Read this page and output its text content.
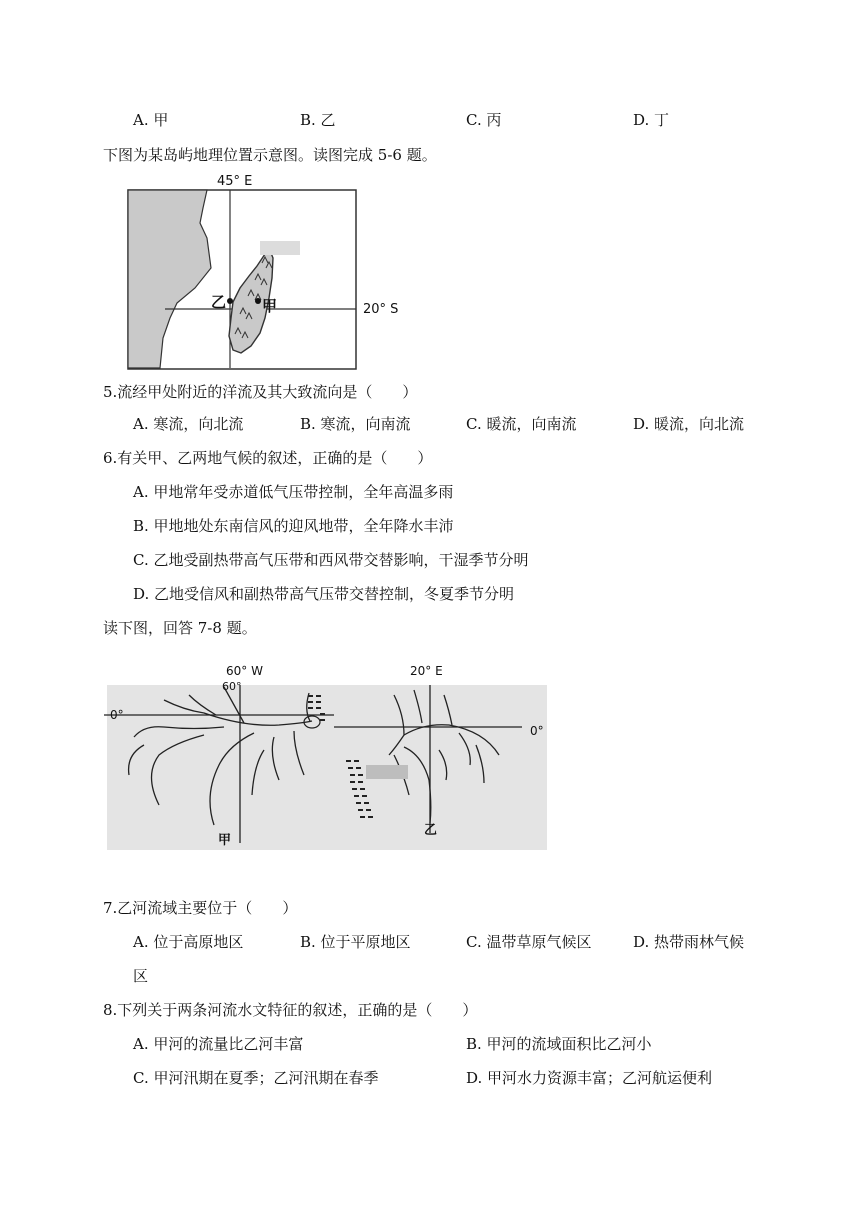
A. 甲	B. 乙	C. 丙	D. 丁
下图为某岛屿地理位置示意图。读图完成 5-6 题。
45° E
20° S
乙 甲
5.流经甲处附近的洋流及其大致流向是（　　）
A. 寒流，向北流	B. 寒流，向南流	C. 暖流，向南流	D. 暖流，向北流
6.有关甲、乙两地气候的叙述，正确的是（　　）
A. 甲地常年受赤道低气压带控制，全年高温多雨
B. 甲地地处东南信风的迎风地带，全年降水丰沛
C. 乙地受副热带高气压带和西风带交替影响，干湿季节分明
D. 乙地受信风和副热带高气压带交替控制，冬夏季节分明
读下图，回答 7-8 题。
60° W	20° E
60°
0°
0°
甲
乙
7.乙河流域主要位于（　　）
A. 位于高原地区	B. 位于平原地区	C. 温带草原气候区	D. 热带雨林气候
区
8.下列关于两条河流水文特征的叙述，正确的是（　　）
A. 甲河的流量比乙河丰富	B. 甲河的流域面积比乙河小
C. 甲河汛期在夏季；乙河汛期在春季	D. 甲河水力资源丰富；乙河航运便利
